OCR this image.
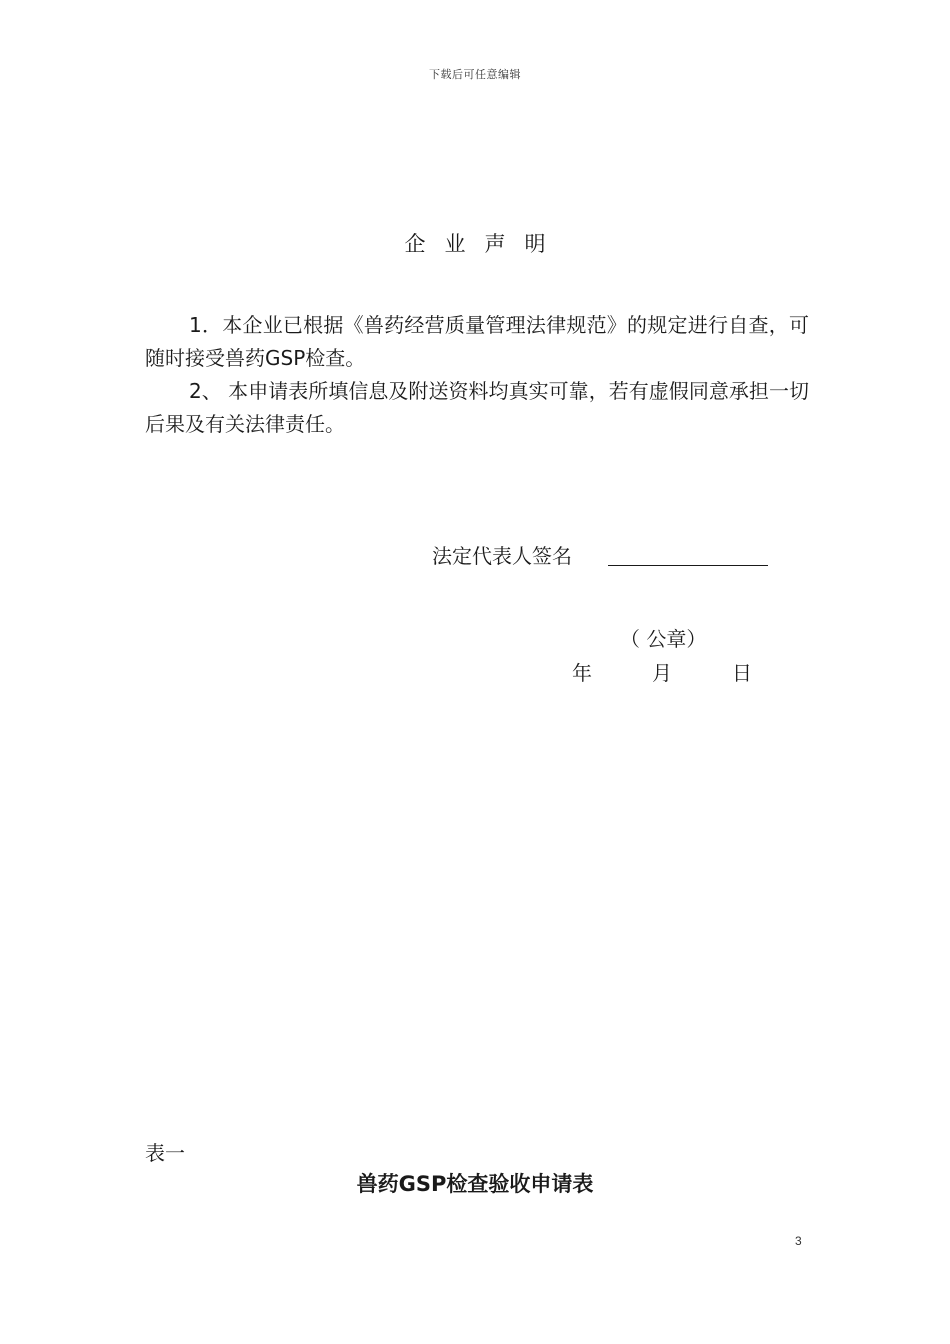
下载后可任意编辑
企业声明

1．本企业已根据《兽药经营质量管理法律规范》的规定进行自查，可随时接受兽药GSP检查。

2、 本申请表所填信息及附送资料均真实可靠，若有虚假同意承担一切后果及有关法律责任。

法定代表人签名
（ 公章）
年	月	日
表一
兽药GSP检查验收申请表
3
